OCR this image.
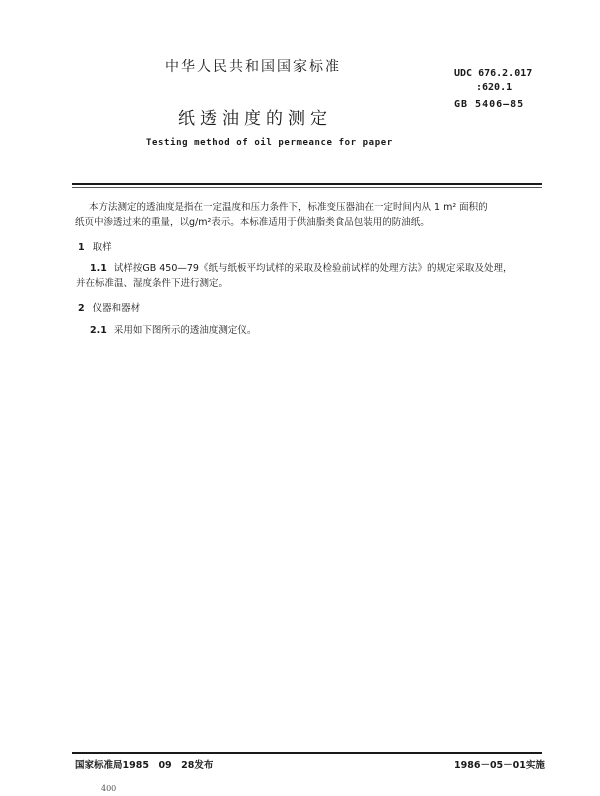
中华人民共和国国家标准	UDC 676.2.017
:620.1
GB 5406—85
纸透油度的测定
Testing method of oil permeance for paper
本方法测定的透油度是指在一定温度和压力条件下，标准变压器油在一定时间内从 1 m² 面积的
纸页中渗透过来的重量，以g/m²表示。本标准适用于供油脂类食品包装用的防油纸。
1 取样
1.1 试样按GB 450—79《纸与纸板平均试样的采取及检验前试样的处理方法》的规定采取及处理，
并在标准温、湿度条件下进行测定。
2 仪器和器材
2.1 采用如下图所示的透油度测定仪。
国家标准局1985　09　28发布	1986－05－01实施
400
